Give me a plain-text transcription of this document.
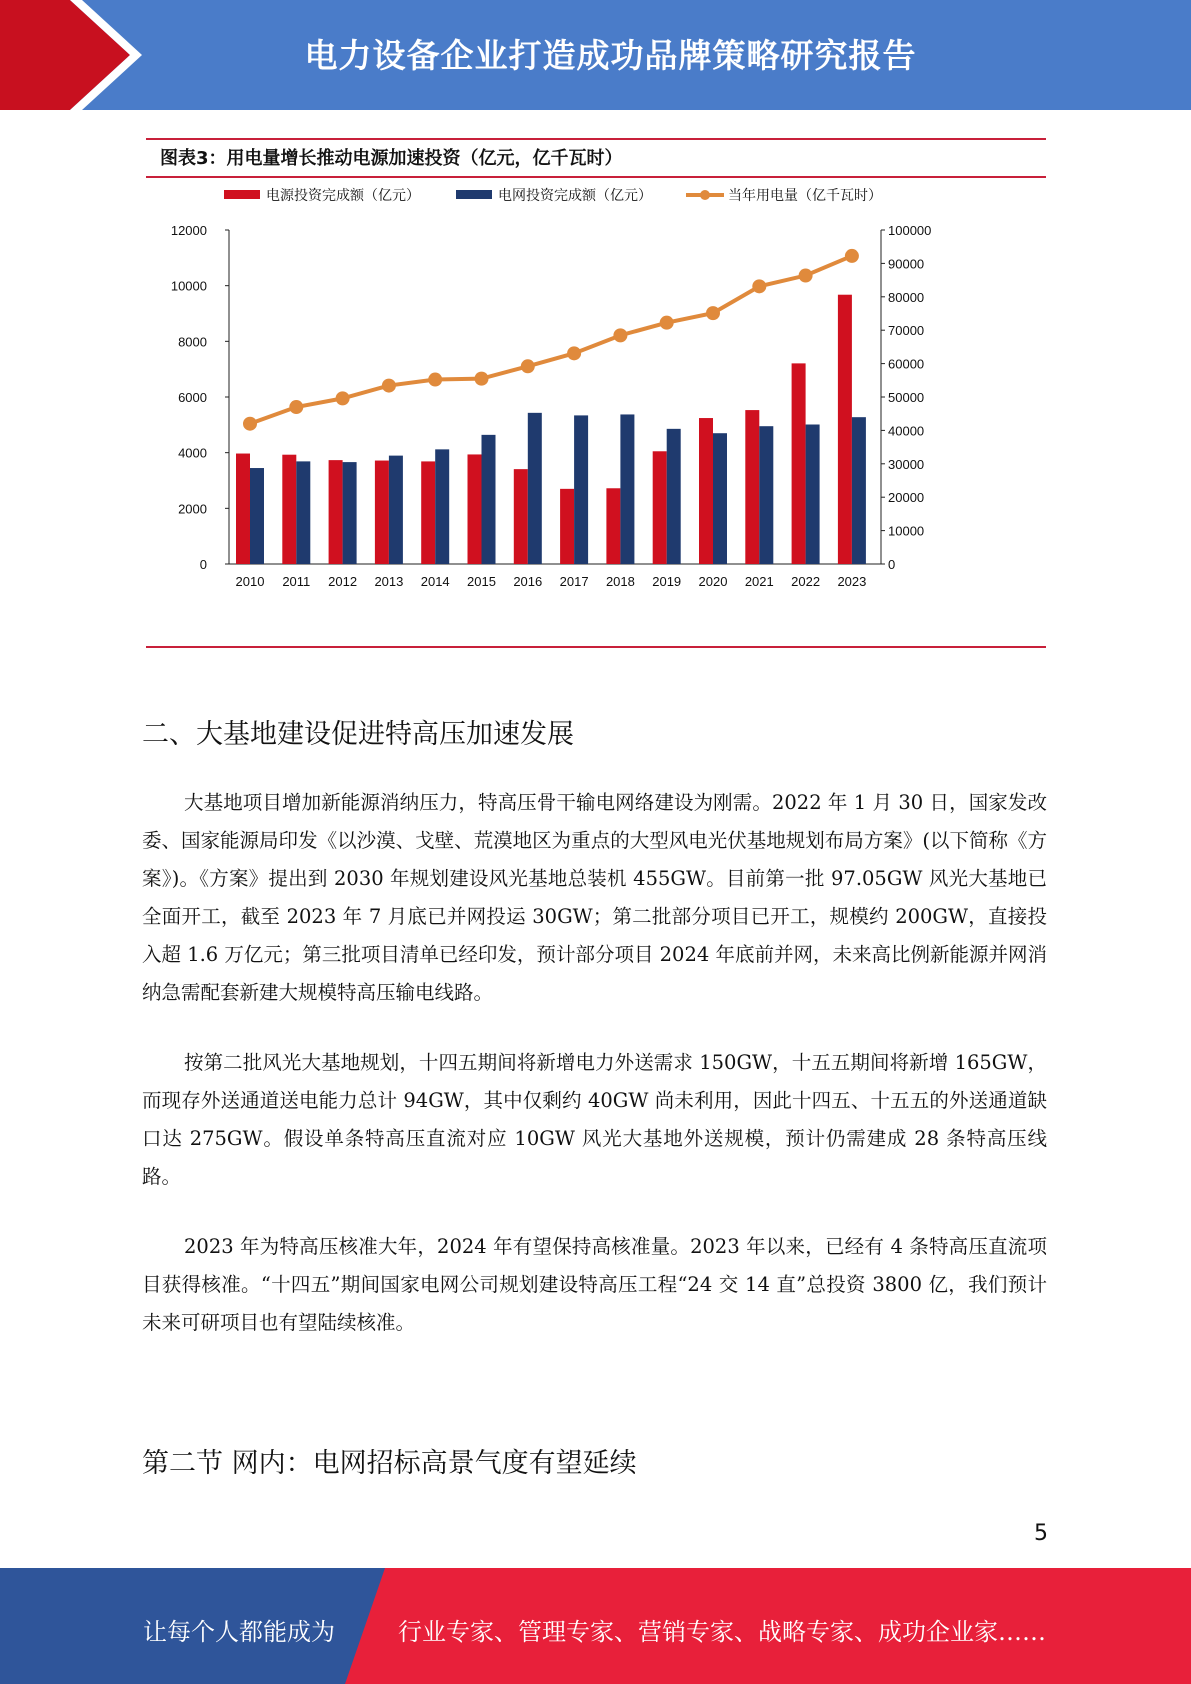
电力设备企业打造成功品牌策略研究报告
图表3：用电量增长推动电源加速投资（亿元，亿千瓦时）
0
2000
4000
6000
8000
10000
12000
0
10000
20000
30000
40000
50000
60000
70000
80000
90000
100000
2010 2011 2012 2013 2014 2015 2016 2017 2018 2019 2020 2021 2022 2023
电源投资完成额（亿元）	电网投资完成额（亿元）	当年用电量（亿千瓦时）
二、大基地建设促进特高压加速发展

大基地项目增加新能源消纳压力，特高压骨干输电网络建设为刚需。2022 年 1 月 30 日，国家发改委、国家能源局印发《以沙漠、戈壁、荒漠地区为重点的大型风电光伏基地规划布局方案》(以下简称《方案》)。《方案》提出到 2030 年规划建设风光基地总装机 455GW。目前第一批 97.05GW 风光大基地已全面开工，截至 2023 年 7 月底已并网投运 30GW；第二批部分项目已开工，规模约 200GW，直接投入超 1.6 万亿元；第三批项目清单已经印发，预计部分项目 2024 年底前并网，未来高比例新能源并网消纳急需配套新建大规模特高压输电线路。

按第二批风光大基地规划，十四五期间将新增电力外送需求 150GW，十五五期间将新增 165GW，而现存外送通道送电能力总计 94GW，其中仅剩约 40GW 尚未利用，因此十四五、十五五的外送通道缺口达 275GW。假设单条特高压直流对应 10GW 风光大基地外送规模，预计仍需建成 28 条特高压线路。

2023 年为特高压核准大年，2024 年有望保持高核准量。2023 年以来，已经有 4 条特高压直流项目获得核准。“十四五”期间国家电网公司规划建设特高压工程“24 交 14 直”总投资 3800 亿，我们预计未来可研项目也有望陆续核准。

第二节 网内：电网招标高景气度有望延续
5
让每个人都能成为	行业专家、管理专家、营销专家、战略专家、成功企业家……
